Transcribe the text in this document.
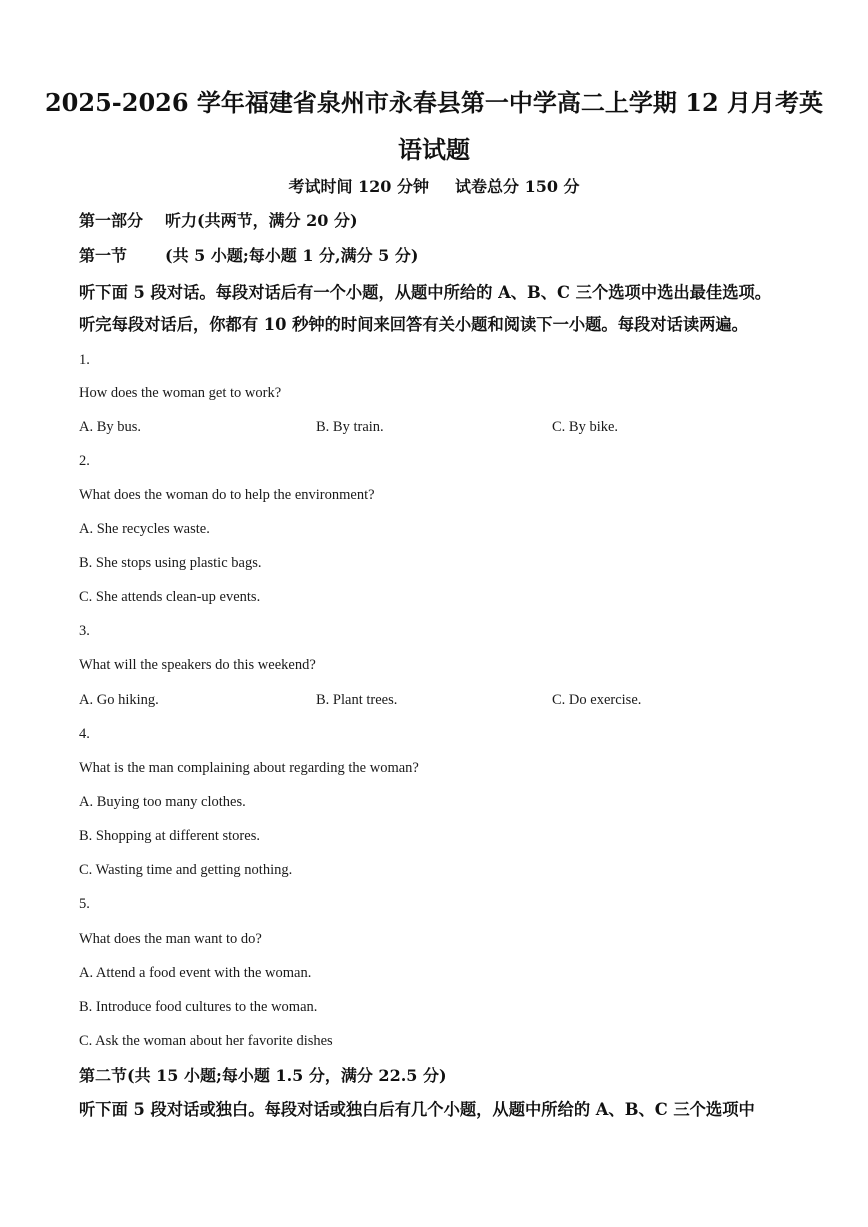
2025-2026 学年福建省泉州市永春县第一中学高二上学期 12 月月考英
语试题
考试时间 120 分钟 试卷总分 150 分
第一部分 听力(共两节，满分 20 分)
第一节 (共 5 小题;每小题 1 分,满分 5 分)
听下面 5 段对话。每段对话后有一个小题，从题中所给的 A、B、C 三个选项中选出最佳选项。
听完每段对话后，你都有 10 秒钟的时间来回答有关小题和阅读下一小题。每段对话读两遍。
1.
How does the woman get to work?
A. By bus.	B. By train.	C. By bike.
2.
What does the woman do to help the environment?
A. She recycles waste.
B. She stops using plastic bags.
C. She attends clean-up events.
3.
What will the speakers do this weekend?
A. Go hiking.	B. Plant trees.	C. Do exercise.
4.
What is the man complaining about regarding the woman?
A. Buying too many clothes.
B. Shopping at different stores.
C. Wasting time and getting nothing.
5.
What does the man want to do?
A. Attend a food event with the woman.
B. Introduce food cultures to the woman.
C. Ask the woman about her favorite dishes
第二节(共 15 小题;每小题 1.5 分，满分 22.5 分)
听下面 5 段对话或独白。每段对话或独白后有几个小题，从题中所给的 A、B、C 三个选项中
